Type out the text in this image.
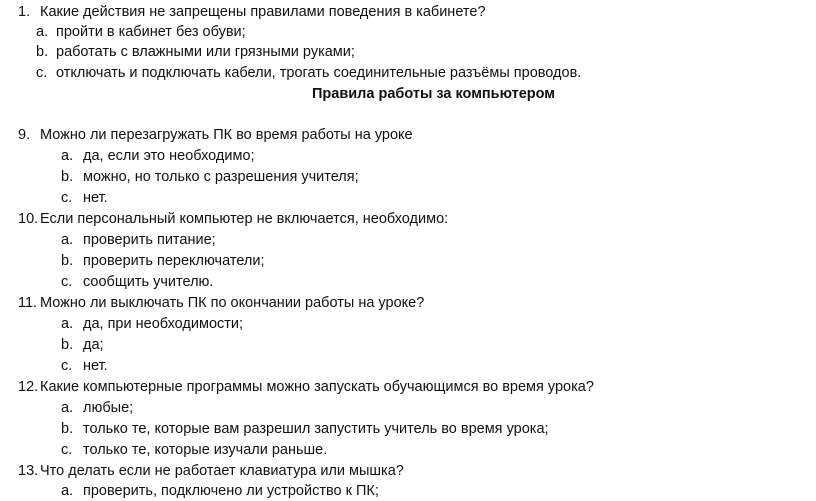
1. Какие действия не запрещены правилами поведения в кабинете?
a. пройти в кабинет без обуви;
b. работать с влажными или грязными руками;
c. отключать и подключать кабели, трогать соединительные разъёмы проводов.
Правила работы за компьютером
9. Можно ли перезагружать ПК во время работы на уроке
a. да, если это необходимо;
b. можно, но только с разрешения учителя;
c. нет.
10. Если персональный компьютер не включается, необходимо:
a. проверить питание;
b. проверить переключатели;
c. сообщить учителю.
11. Можно ли выключать ПК по окончании работы на уроке?
a. да, при необходимости;
b. да;
c. нет.
12. Какие компьютерные программы можно запускать обучающимся во время урока?
a. любые;
b. только те, которые вам разрешил запустить учитель во время урока;
c. только те, которые изучали раньше.
13. Что делать если не работает клавиатура или мышка?
a. проверить, подключено ли устройство к ПК;
